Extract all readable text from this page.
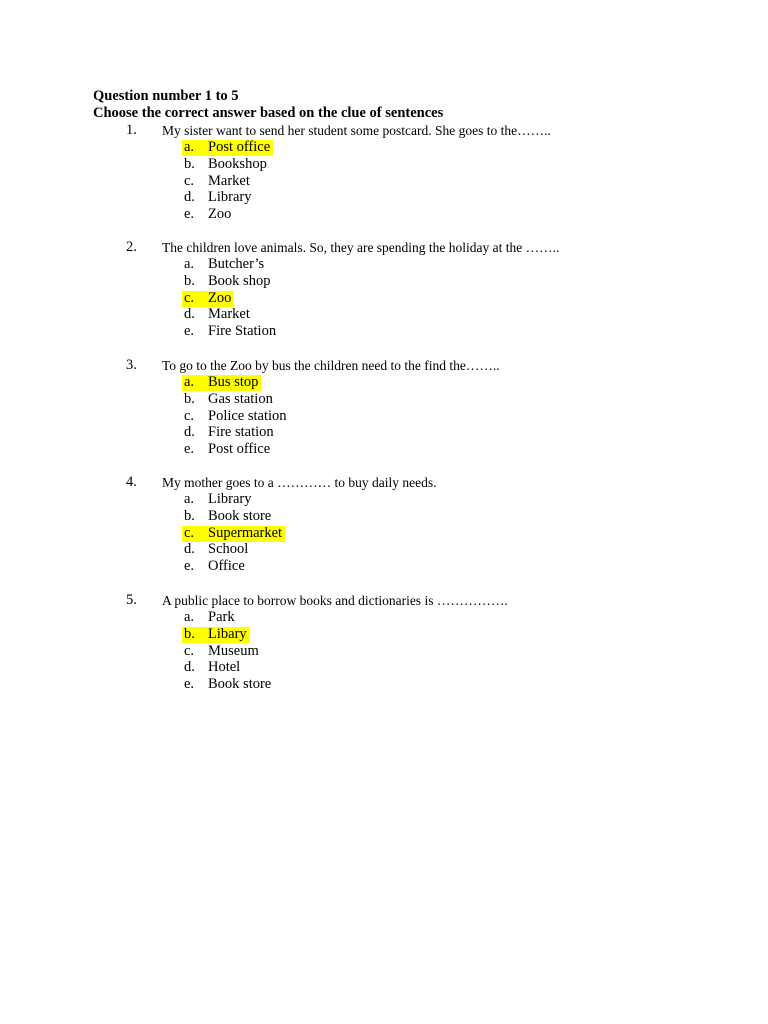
Question number 1 to 5
Choose the correct answer based on the clue of sentences
1. My sister want to send her student some postcard. She goes to the……..
a. Post office
b. Bookshop
c. Market
d. Library
e. Zoo
2. The children love animals. So, they are spending the holiday at the ……..
a. Butcher’s
b. Book shop
c. Zoo
d. Market
e. Fire Station
3. To go to the Zoo by bus the children need to the find the……..
a. Bus stop
b. Gas station
c. Police station
d. Fire station
e. Post office
4. My mother goes to a ………… to buy daily needs.
a. Library
b. Book store
c. Supermarket
d. School
e. Office
5. A public place to borrow books and dictionaries is …………….
a. Park
b. Libary
c. Museum
d. Hotel
e. Book store
